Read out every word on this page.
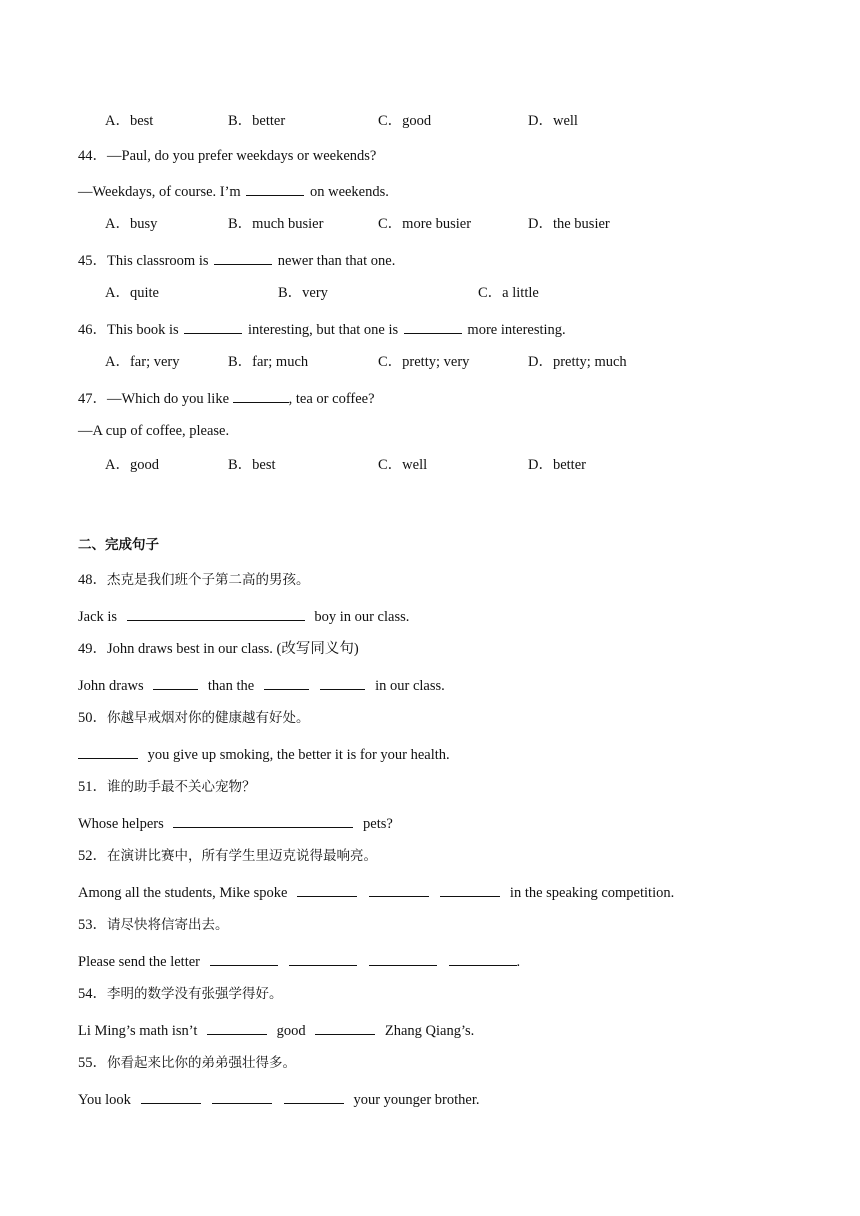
A．best	B．better	C．good	D．well
44．—Paul, do you prefer weekdays or weekends?
—Weekdays, of course. I’m	on weekends.
A．busy	B．much busier	C．more busier	D．the busier
45．This classroom is	newer than that one.
A．quite	B．very	C．a little
46．This book is	interesting, but that one is	more interesting.
A．far; very	B．far; much	C．pretty; very	D．pretty; much
47．—Which do you like	, tea or coffee?
—A cup of coffee, please.
A．good	B．best	C．well	D．better
二、完成句子
48．杰克是我们班个子第二高的男孩。
Jack is	boy in our class.
49．John draws best in our class. (改写同义句)
John draws	than the	in our class.
50．你越早戒烟对你的健康越有好处。
you give up smoking, the better it is for your health.
51．谁的助手最不关心宠物？
Whose helpers	pets?
52．在演讲比赛中，所有学生里迈克说得最响亮。
Among all the students, Mike spoke	in the speaking competition.
53．请尽快将信寄出去。
Please send the letter	.
54．李明的数学没有张强学得好。
Li Ming’s math isn’t	good	Zhang Qiang’s.
55．你看起来比你的弟弟强壮得多。
You look	your younger brother.
